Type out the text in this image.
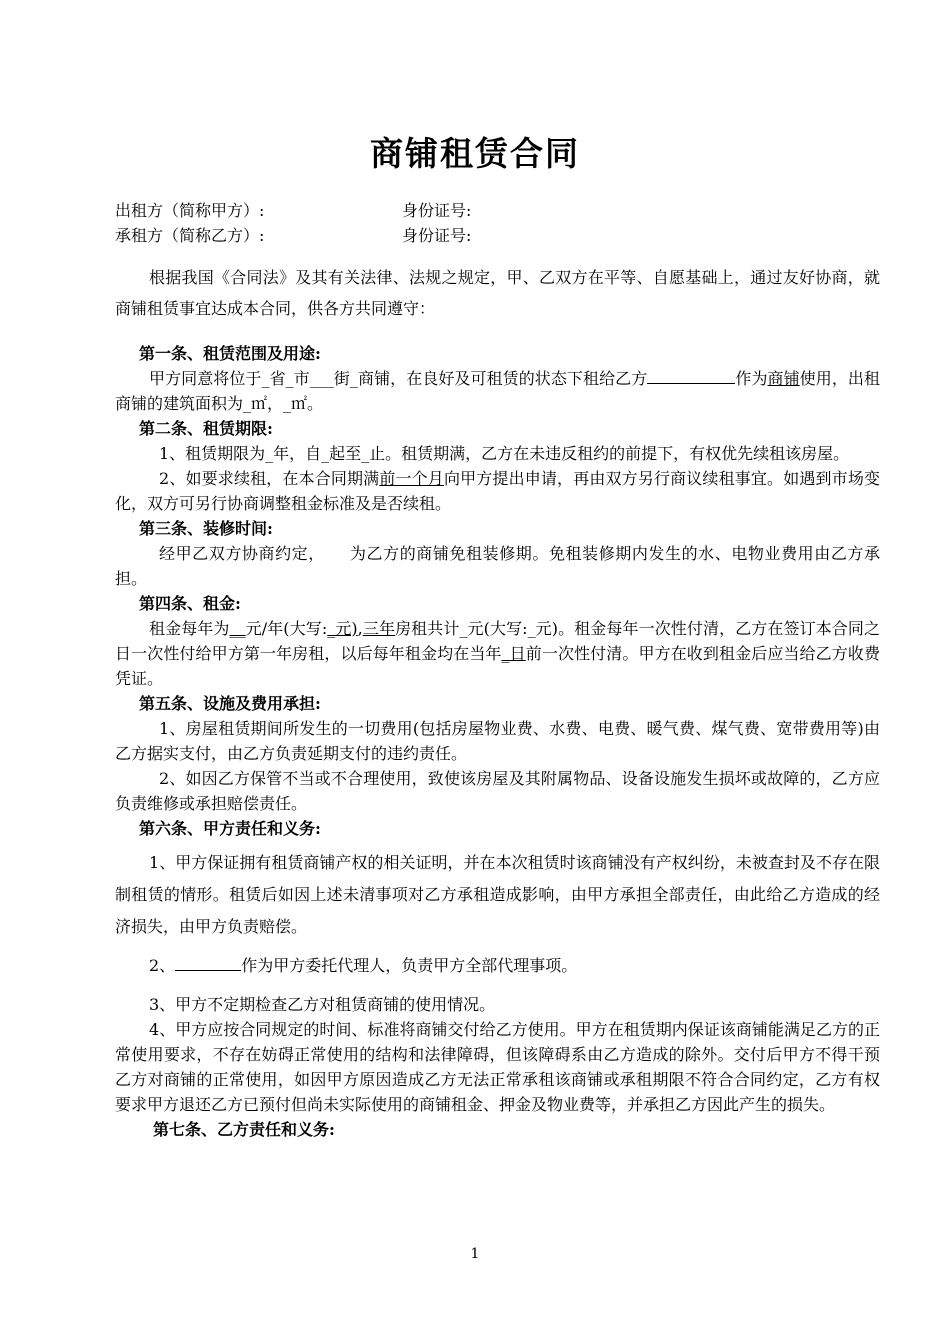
商铺租赁合同
出租方（简称甲方）:	身份证号:
承租方（简称乙方）:	身份证号:

根据我国《合同法》及其有关法律、法规之规定，甲、乙双方在平等、自愿基础上，通过友好协商，就商铺租赁事宜达成本合同，供各方共同遵守：

第一条、租赁范围及用途:

甲方同意将位于_省_市___街_商铺，在良好及可租赁的状态下租给乙方	作为商铺使用，出租商铺的建筑面积为_㎡，_㎡。

第二条、租赁期限:

1、租赁期限为_年，自_起至_止。租赁期满，乙方在未违反租约的前提下，有权优先续租该房屋。

2、如要求续租，在本合同期满前一个月向甲方提出申请，再由双方另行商议续租事宜。如遇到市场变化，双方可另行协商调整租金标准及是否续租。

第三条、装修时间:

经甲乙双方协商约定，　　为乙方的商铺免租装修期。免租装修期内发生的水、电物业费用由乙方承担。

第四条、租金:

租金每年为__元/年(大写:_元),三年房租共计_元(大写:_元)。租金每年一次性付清，乙方在签订本合同之日一次性付给甲方第一年房租，以后每年租金均在当年_日前一次性付清。甲方在收到租金后应当给乙方收费凭证。

第五条、设施及费用承担:

1、房屋租赁期间所发生的一切费用(包括房屋物业费、水费、电费、暖气费、煤气费、宽带费用等)由乙方据实支付，由乙方负责延期支付的违约责任。

2、如因乙方保管不当或不合理使用，致使该房屋及其附属物品、设备设施发生损坏或故障的，乙方应负责维修或承担赔偿责任。

第六条、甲方责任和义务:

1、甲方保证拥有租赁商铺产权的相关证明，并在本次租赁时该商铺没有产权纠纷，未被查封及不存在限制租赁的情形。租赁后如因上述未清事项对乙方承租造成影响，由甲方承担全部责任，由此给乙方造成的经济损失，由甲方负责赔偿。

2、	作为甲方委托代理人，负责甲方全部代理事项。

3、甲方不定期检查乙方对租赁商铺的使用情况。

4、甲方应按合同规定的时间、标准将商铺交付给乙方使用。甲方在租赁期内保证该商铺能满足乙方的正常使用要求，不存在妨碍正常使用的结构和法律障碍，但该障碍系由乙方造成的除外。交付后甲方不得干预乙方对商铺的正常使用，如因甲方原因造成乙方无法正常承租该商铺或承租期限不符合合同约定，乙方有权要求甲方退还乙方已预付但尚未实际使用的商铺租金、押金及物业费等，并承担乙方因此产生的损失。

第七条、乙方责任和义务:

1
